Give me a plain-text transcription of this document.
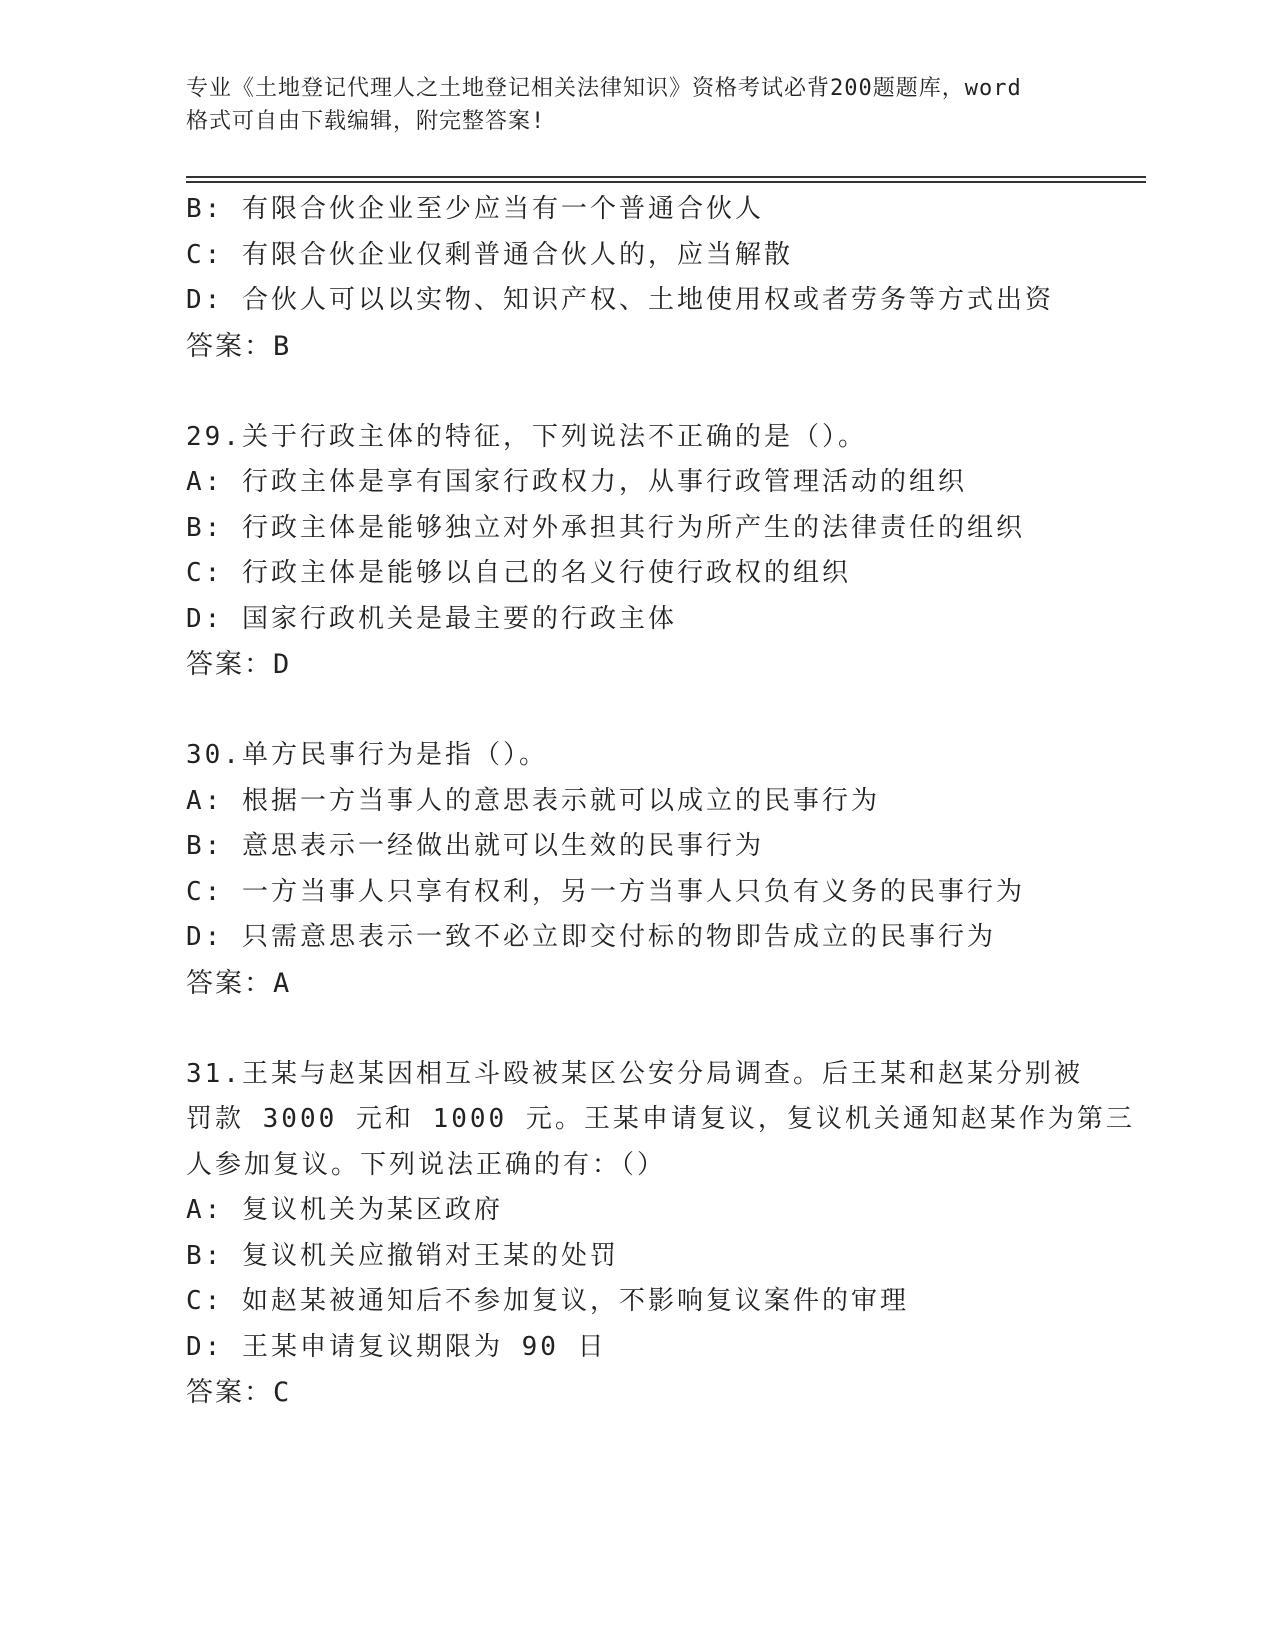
专业《土地登记代理人之土地登记相关法律知识》资格考试必背200题题库，word
格式可自由下载编辑，附完整答案!
B: 有限合伙企业至少应当有一个普通合伙人
C: 有限合伙企业仅剩普通合伙人的，应当解散
D: 合伙人可以以实物、知识产权、土地使用权或者劳务等方式出资
答案：B
29.关于行政主体的特征，下列说法不正确的是（）。
A: 行政主体是享有国家行政权力，从事行政管理活动的组织
B: 行政主体是能够独立对外承担其行为所产生的法律责任的组织
C: 行政主体是能够以自己的名义行使行政权的组织
D: 国家行政机关是最主要的行政主体
答案：D
30.单方民事行为是指（）。
A: 根据一方当事人的意思表示就可以成立的民事行为
B: 意思表示一经做出就可以生效的民事行为
C: 一方当事人只享有权利，另一方当事人只负有义务的民事行为
D: 只需意思表示一致不必立即交付标的物即告成立的民事行为
答案：A
31.王某与赵某因相互斗殴被某区公安分局调查。后王某和赵某分别被
罚款 3000 元和 1000 元。王某申请复议，复议机关通知赵某作为第三
人参加复议。下列说法正确的有：（）
A: 复议机关为某区政府
B: 复议机关应撤销对王某的处罚
C: 如赵某被通知后不参加复议，不影响复议案件的审理
D: 王某申请复议期限为 90 日
答案：C
